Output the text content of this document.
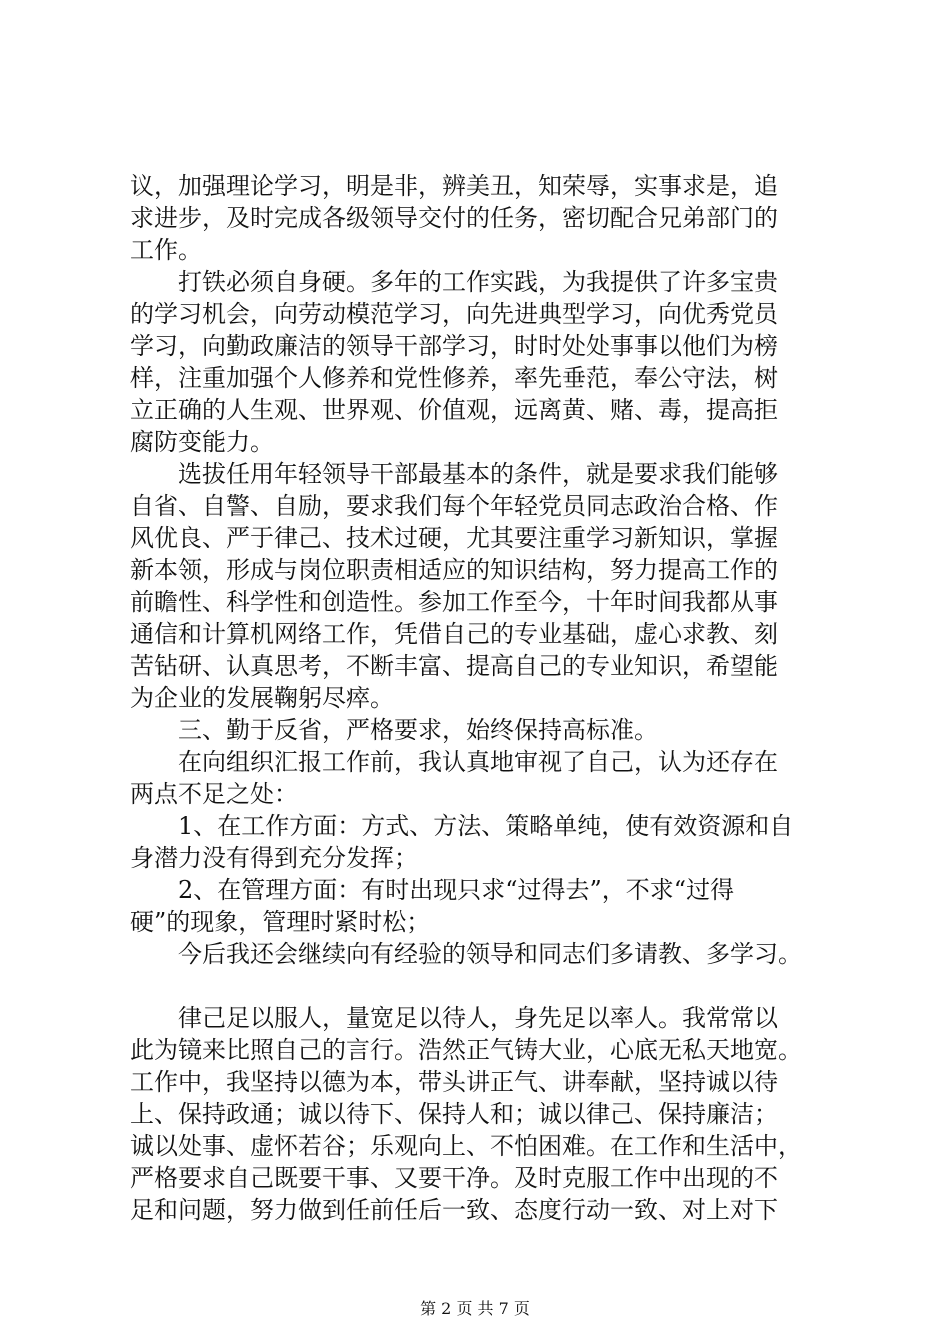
议，加强理论学习，明是非，辨美丑，知荣辱，实事求是，追
求进步，及时完成各级领导交付的任务，密切配合兄弟部门的
工作。
　　打铁必须自身硬。多年的工作实践，为我提供了许多宝贵
的学习机会，向劳动模范学习，向先进典型学习，向优秀党员
学习，向勤政廉洁的领导干部学习，时时处处事事以他们为榜
样，注重加强个人修养和党性修养，率先垂范，奉公守法，树
立正确的人生观、世界观、价值观，远离黄、赌、毒，提高拒
腐防变能力。
　　选拔任用年轻领导干部最基本的条件，就是要求我们能够
自省、自警、自励，要求我们每个年轻党员同志政治合格、作
风优良、严于律己、技术过硬，尤其要注重学习新知识，掌握
新本领，形成与岗位职责相适应的知识结构，努力提高工作的
前瞻性、科学性和创造性。参加工作至今，十年时间我都从事
通信和计算机网络工作，凭借自己的专业基础，虚心求教、刻
苦钻研、认真思考，不断丰富、提高自己的专业知识，希望能
为企业的发展鞠躬尽瘁。
　　三、勤于反省，严格要求，始终保持高标准。
　　在向组织汇报工作前，我认真地审视了自己，认为还存在
两点不足之处：
　　1、在工作方面：方式、方法、策略单纯，使有效资源和自
身潜力没有得到充分发挥；
　　2、在管理方面：有时出现只求“过得去”，不求“过得
硬”的现象，管理时紧时松；
　　今后我还会继续向有经验的领导和同志们多请教、多学习。
　　律己足以服人，量宽足以待人，身先足以率人。我常常以
此为镜来比照自己的言行。浩然正气铸大业，心底无私天地宽。
工作中，我坚持以德为本，带头讲正气、讲奉献，坚持诚以待
上、保持政通；诚以待下、保持人和；诚以律己、保持廉洁；
诚以处事、虚怀若谷；乐观向上、不怕困难。在工作和生活中，
严格要求自己既要干事、又要干净。及时克服工作中出现的不
足和问题，努力做到任前任后一致、态度行动一致、对上对下
第 2 页 共 7 页
